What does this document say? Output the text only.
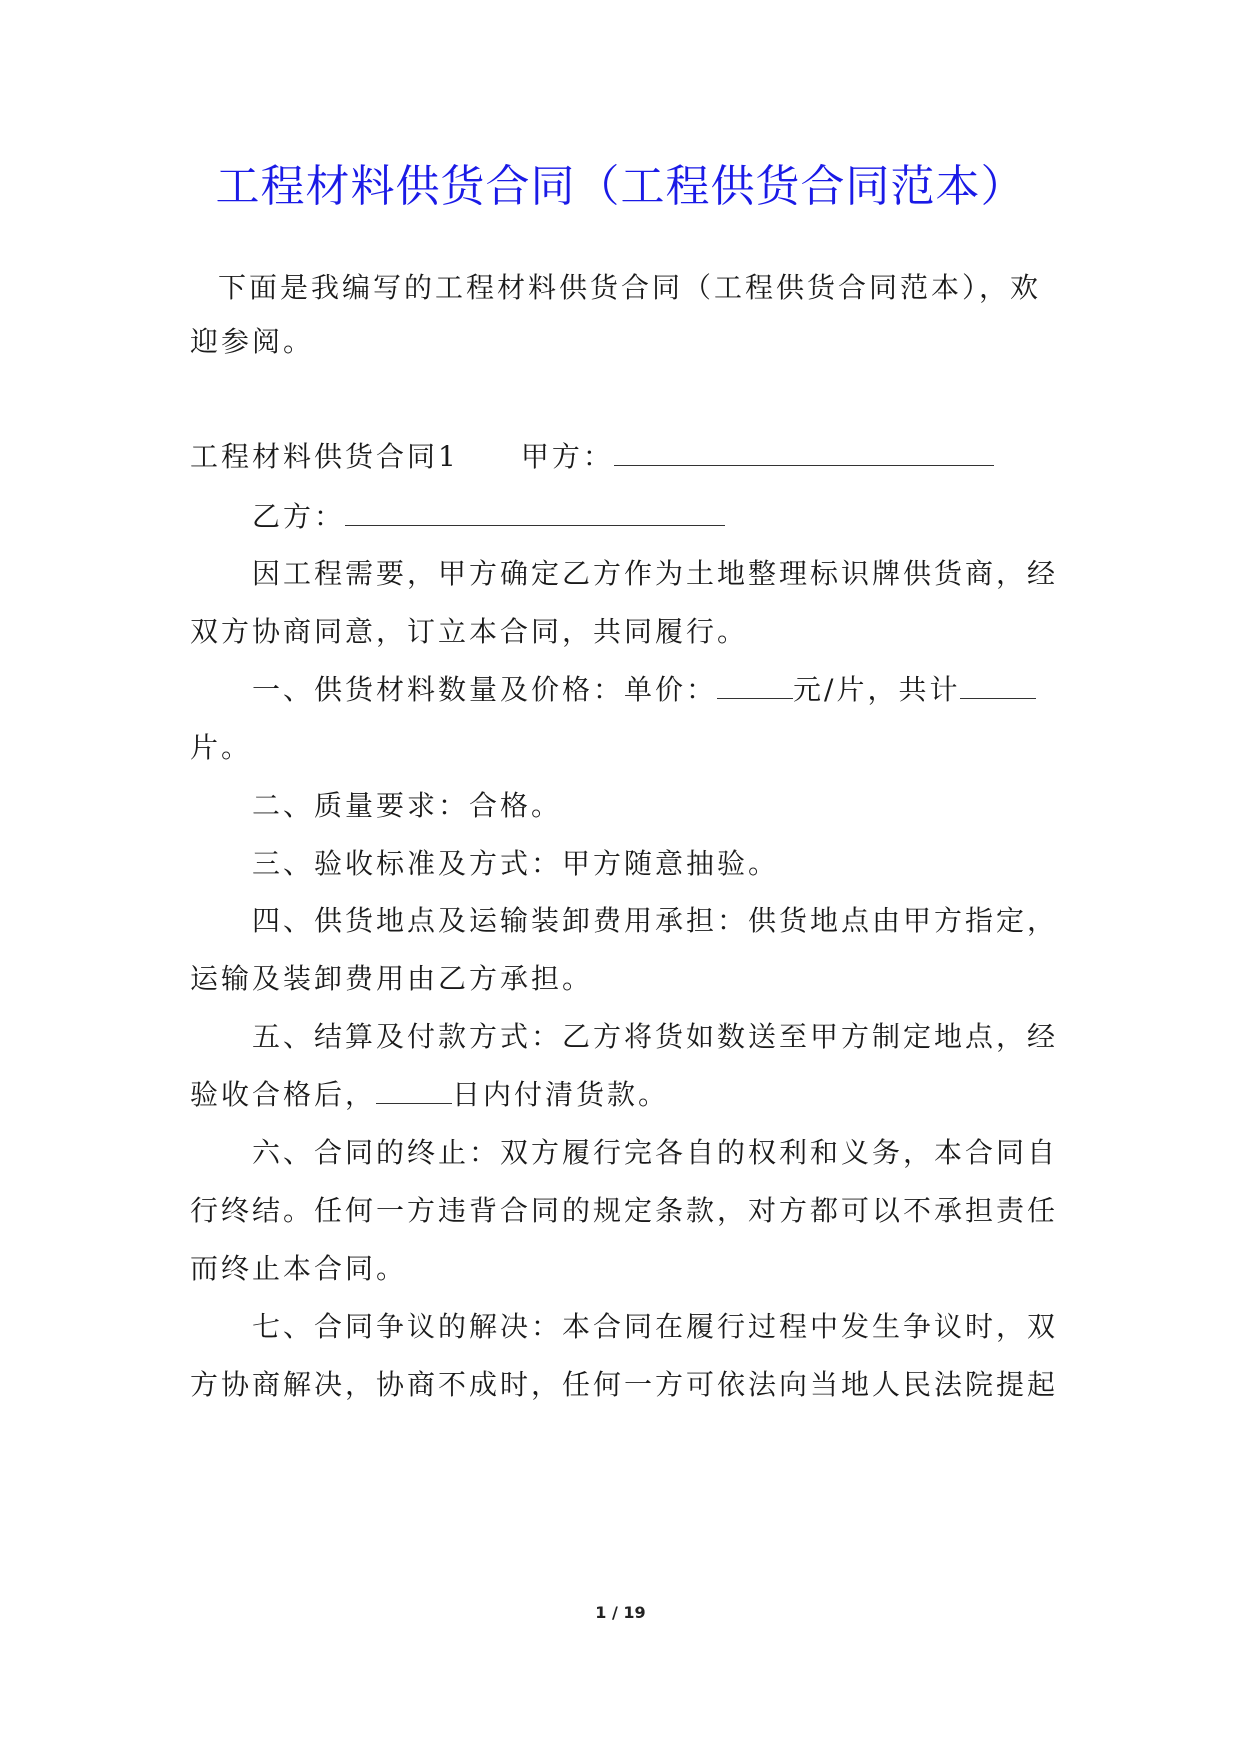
工程材料供货合同（工程供货合同范本）
下面是我编写的工程材料供货合同（工程供货合同范本），欢
迎参阅。
工程材料供货合同1 甲方：
乙方：
因工程需要，甲方确定乙方作为土地整理标识牌供货商，经
双方协商同意，订立本合同，共同履行。
一、供货材料数量及价格：单价：	元/片，共计
片。
二、质量要求：合格。
三、验收标准及方式：甲方随意抽验。
四、供货地点及运输装卸费用承担：供货地点由甲方指定，
运输及装卸费用由乙方承担。
五、结算及付款方式：乙方将货如数送至甲方制定地点，经
验收合格后，	日内付清货款。
六、合同的终止：双方履行完各自的权利和义务，本合同自
行终结。任何一方违背合同的规定条款，对方都可以不承担责任
而终止本合同。
七、合同争议的解决：本合同在履行过程中发生争议时，双
方协商解决，协商不成时，任何一方可依法向当地人民法院提起
1 / 19
